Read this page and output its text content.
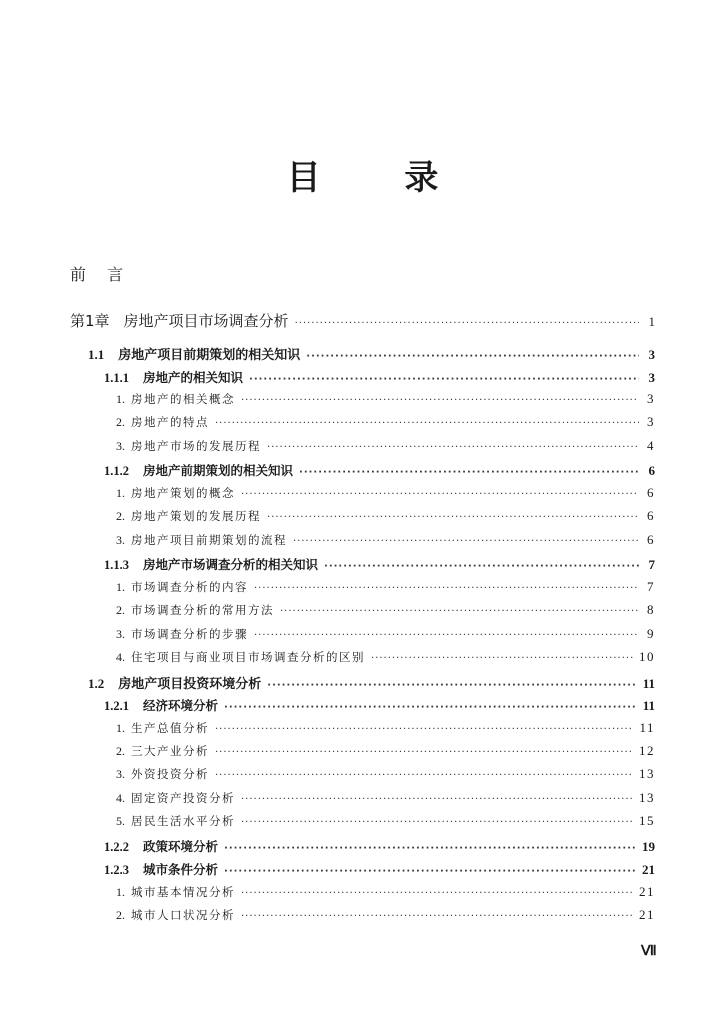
目 录
前 言
第1章 房地产项目市场调查分析 ·····	1
1.1 房地产项目前期策划的相关知识 ·····	3
1.1.1 房地产的相关知识 ·····	3
1. 房地产的相关概念 ·····	3
2. 房地产的特点 ·····	3
3. 房地产市场的发展历程 ·····	4
1.1.2 房地产前期策划的相关知识 ·····	6
1. 房地产策划的概念 ·····	6
2. 房地产策划的发展历程 ·····	6
3. 房地产项目前期策划的流程 ·····	6
1.1.3 房地产市场调查分析的相关知识 ·····	7
1. 市场调查分析的内容 ·····	7
2. 市场调查分析的常用方法 ·····	8
3. 市场调查分析的步骤 ·····	9
4. 住宅项目与商业项目市场调查分析的区别 ·····	10
1.2 房地产项目投资环境分析 ·····	11
1.2.1 经济环境分析 ·····	11
1. 生产总值分析 ·····	11
2. 三大产业分析 ·····	12
3. 外资投资分析 ·····	13
4. 固定资产投资分析 ·····	13
5. 居民生活水平分析 ·····	15
1.2.2 政策环境分析 ·····	19
1.2.3 城市条件分析 ·····	21
1. 城市基本情况分析 ·····	21
2. 城市人口状况分析 ·····	21
Ⅶ
